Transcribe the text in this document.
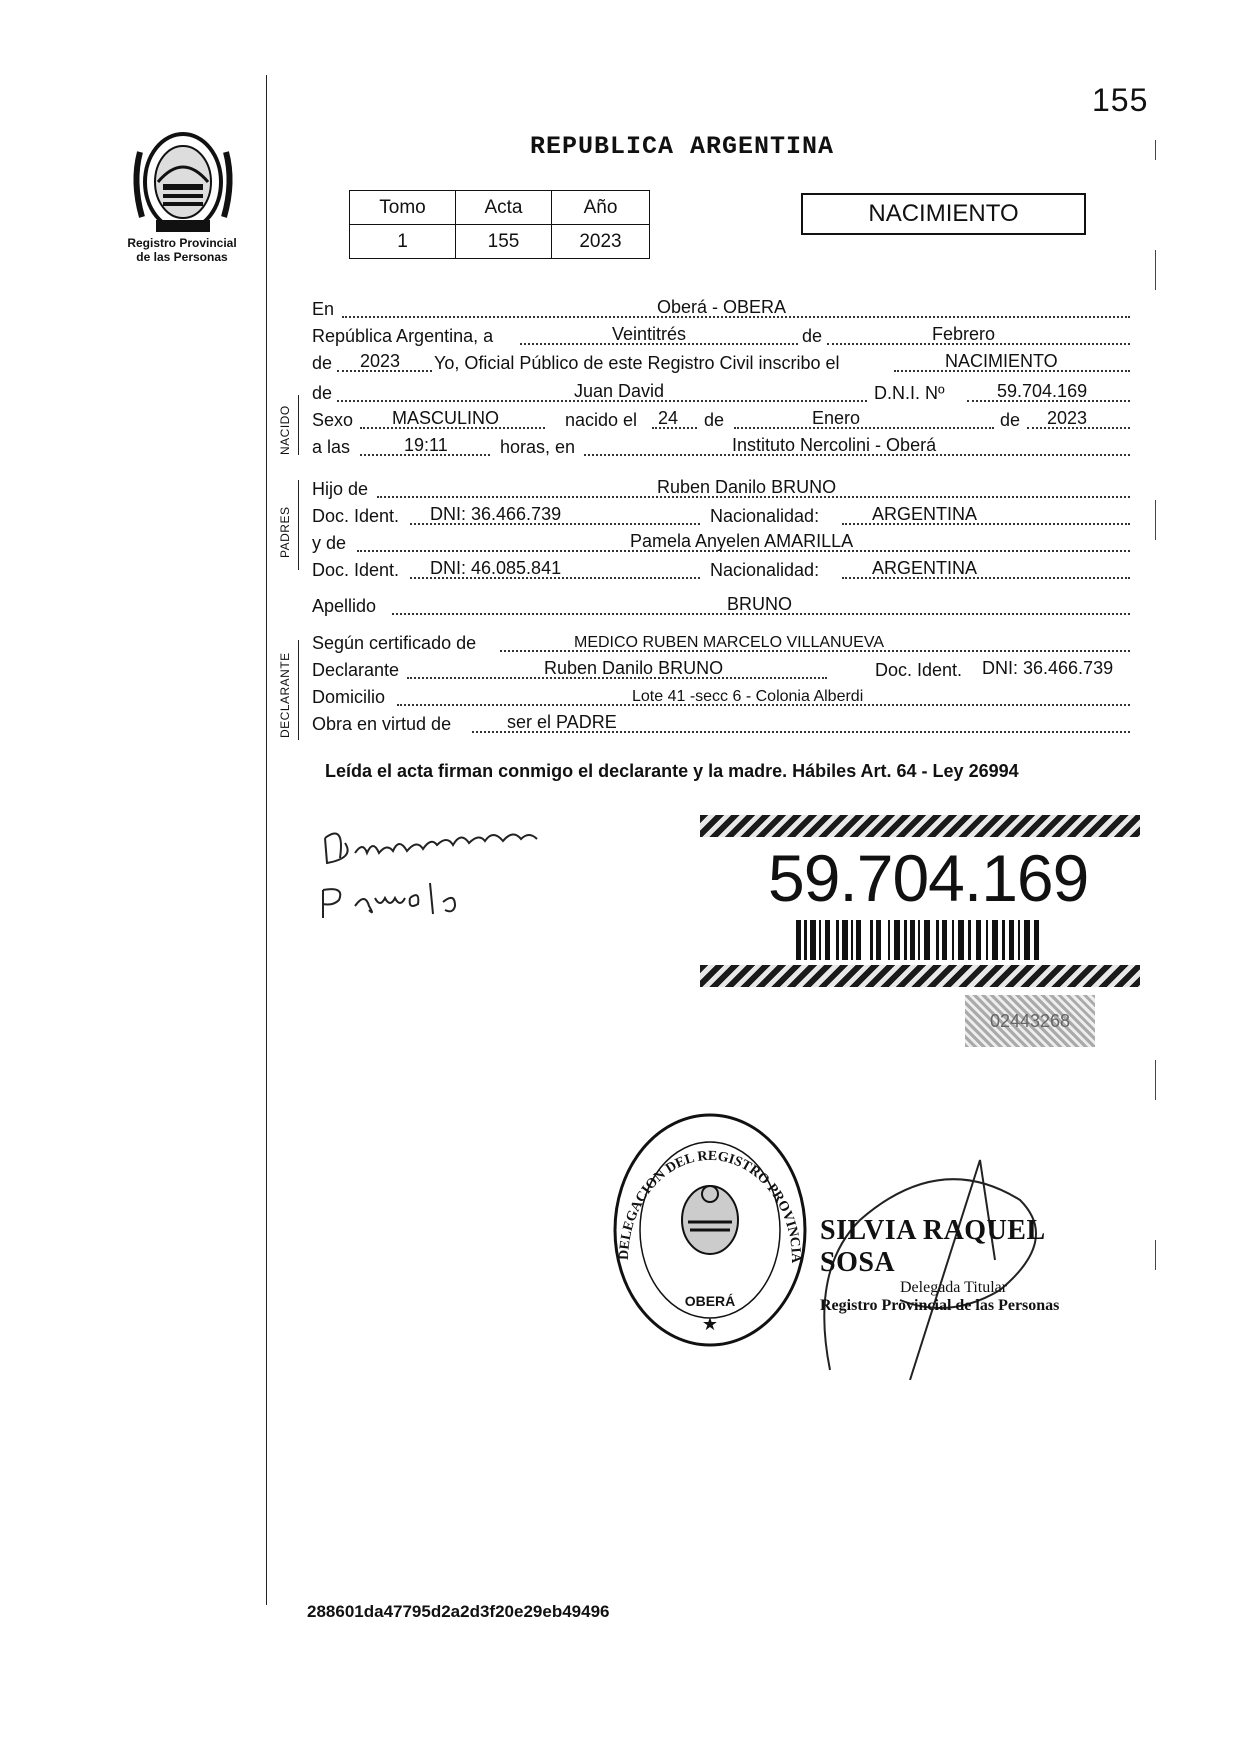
155
Registro Provincial
de las Personas
REPUBLICA ARGENTINA
Tomo	Acta	Año
1	155	2023
NACIMIENTO
NACIDO
PADRES
DECLARANTE
En	Oberá - OBERA
República Argentina, a	Veintitrés	de	Febrero
de 2023 Yo, Oficial Público de este Registro Civil inscribo el	NACIMIENTO
de	Juan David	D.N.I. Nº	59.704.169
Sexo MASCULINO	nacido el 24 de	Enero	de 2023
a las	19:11	horas, en	Instituto Nercolini - Oberá
Hijo de	Ruben Danilo BRUNO
Doc. Ident. DNI: 36.466.739	Nacionalidad:	ARGENTINA
y de	Pamela Anyelen AMARILLA
Doc. Ident. DNI: 46.085.841	Nacionalidad:	ARGENTINA
Apellido	BRUNO
Según certificado de	MEDICO RUBEN MARCELO VILLANUEVA
Declarante	Ruben Danilo BRUNO	Doc. Ident. DNI: 36.466.739
Domicilio	Lote 41 -secc 6 - Colonia Alberdi
Obra en virtud de	ser el PADRE
Leída el acta firman conmigo el declarante y la madre. Hábiles Art. 64 - Ley 26994
59.704.169
02443268
DELEGACION DEL REGISTRO PROVINCIA
OBERÁ
★
SILVIA RAQUEL SOSA
Delegada Titular
Registro Provincial de las Personas
288601da47795d2a2d3f20e29eb49496
